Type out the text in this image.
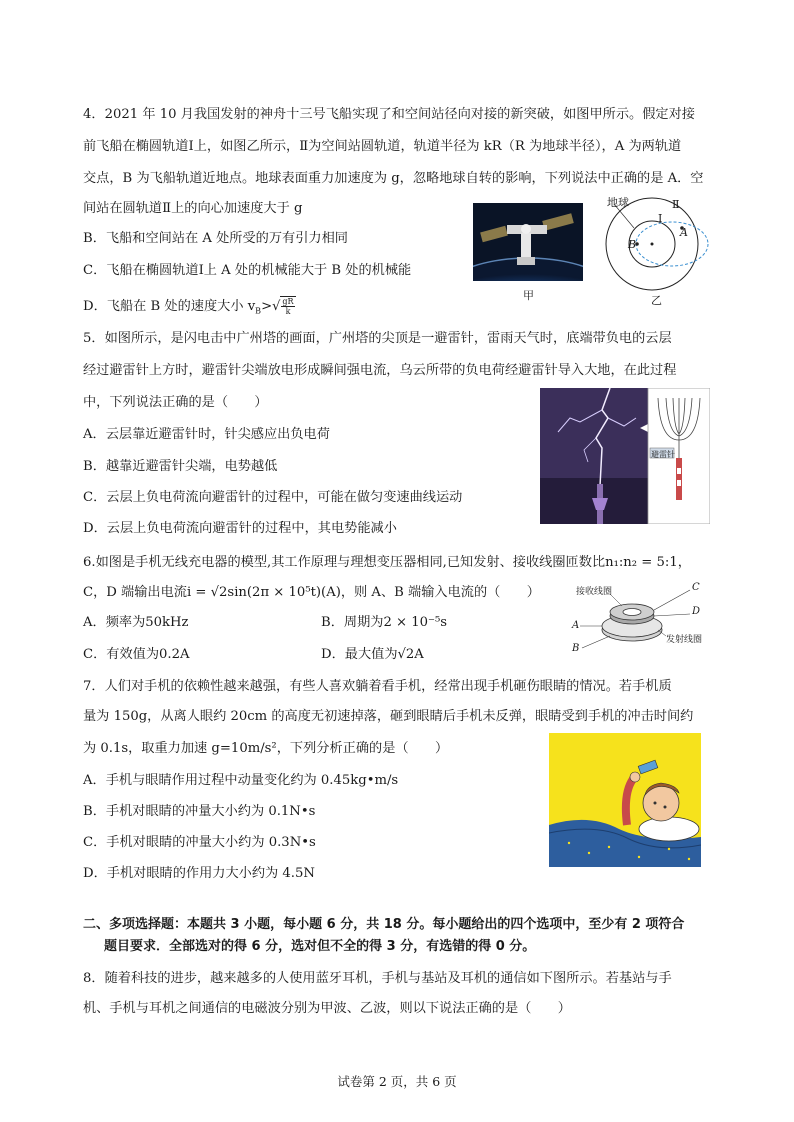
4．2021 年 10 月我国发射的神舟十三号飞船实现了和空间站径向对接的新突破，如图甲所示。假定对接
前飞船在椭圆轨道Ⅰ上，如图乙所示，Ⅱ为空间站圆轨道，轨道半径为 kR（R 为地球半径），A 为两轨道
交点，B 为飞船轨道近地点。地球表面重力加速度为 g，忽略地球自转的影响，下列说法中正确的是 A．空
间站在圆轨道Ⅱ上的向心加速度大于 g
B．飞船和空间站在 A 处所受的万有引力相同
C．飞船在椭圆轨道Ⅰ上 A 处的机械能大于 B 处的机械能
D．飞船在 B 处的速度大小 $v_B>√ \frac{gR}{k}$
甲
地球
Ⅰ
Ⅱ
A
B
乙
5．如图所示，是闪电击中广州塔的画面，广州塔的尖顶是一避雷针，雷雨天气时，底端带负电的云层
经过避雷针上方时，避雷针尖端放电形成瞬间强电流，乌云所带的负电荷经避雷针导入大地，在此过程
中，下列说法正确的是（　　）
A．云层靠近避雷针时，针尖感应出负电荷
B．越靠近避雷针尖端，电势越低
C．云层上负电荷流向避雷针的过程中，可能在做匀变速曲线运动
D．云层上负电荷流向避雷针的过程中，其电势能减小
避雷针
6.如图是手机无线充电器的模型,其工作原理与理想变压器相同,已知发射、接收线圈匝数比n₁:n₂ = 5:1，
C，D 端输出电流i = √2sin(2π × 10⁵t)(A)，则 A、B 端输入电流的（　　）
A．频率为50kHz	B．周期为2 × 10⁻⁵s
C．有效值为0.2A	D．最大值为√2A
接收线圈
发射线圈
C
D
A
B
7．人们对手机的依赖性越来越强，有些人喜欢躺着看手机，经常出现手机砸伤眼睛的情况。若手机质
量为 150g，从离人眼约 20cm 的高度无初速掉落，砸到眼睛后手机未反弹，眼睛受到手机的冲击时间约
为 0.1s，取重力加速 g=10m/s²，下列分析正确的是（　　）
A．手机与眼睛作用过程中动量变化约为 0.45kg•m/s
B．手机对眼睛的冲量大小约为 0.1N•s
C．手机对眼睛的冲量大小约为 0.3N•s
D．手机对眼睛的作用力大小约为 4.5N
二、多项选择题：本题共 3 小题，每小题 6 分，共 18 分。每小题给出的四个选项中，至少有 2 项符合
题目要求．全部选对的得 6 分，选对但不全的得 3 分，有选错的得 0 分。
8．随着科技的进步，越来越多的人使用蓝牙耳机，手机与基站及耳机的通信如下图所示。若基站与手
机、手机与耳机之间通信的电磁波分别为甲波、乙波，则以下说法正确的是（　　）
试卷第 2 页，共 6 页
